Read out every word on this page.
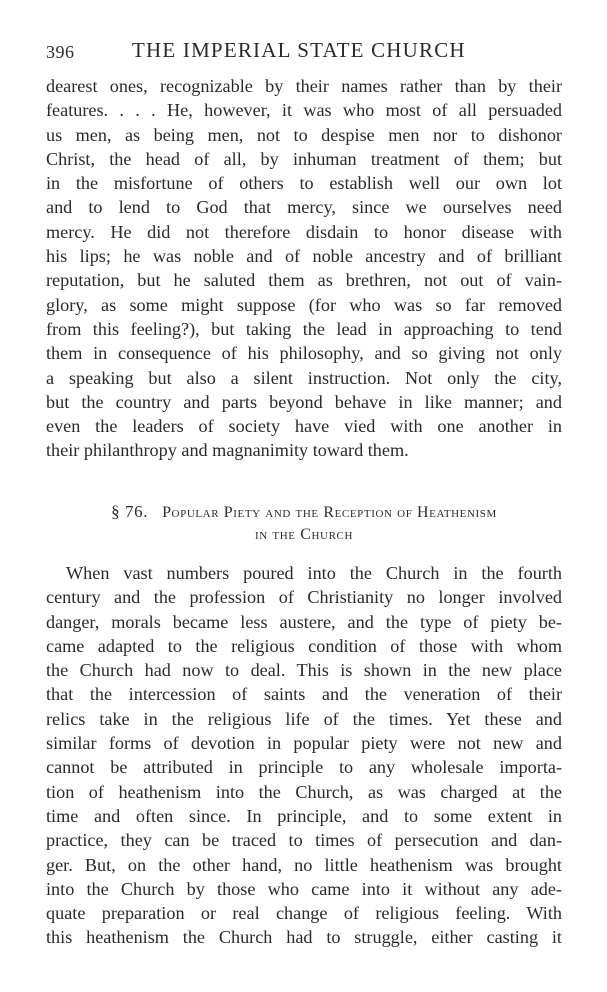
396	THE IMPERIAL STATE CHURCH
dearest ones, recognizable by their names rather than by their
features. . . . He, however, it was who most of all persuaded
us men, as being men, not to despise men nor to dishonor
Christ, the head of all, by inhuman treatment of them; but
in the misfortune of others to establish well our own lot
and to lend to God that mercy, since we ourselves need
mercy. He did not therefore disdain to honor disease with
his lips; he was noble and of noble ancestry and of brilliant
reputation, but he saluted them as brethren, not out of vain-
glory, as some might suppose (for who was so far removed
from this feeling?), but taking the lead in approaching to tend
them in consequence of his philosophy, and so giving not only
a speaking but also a silent instruction. Not only the city,
but the country and parts beyond behave in like manner; and
even the leaders of society have vied with one another in
their philanthropy and magnanimity toward them.
§ 76. Popular Piety and the Reception of Heathenism
in the Church
When vast numbers poured into the Church in the fourth
century and the profession of Christianity no longer involved
danger, morals became less austere, and the type of piety be-
came adapted to the religious condition of those with whom
the Church had now to deal. This is shown in the new place
that the intercession of saints and the veneration of their
relics take in the religious life of the times. Yet these and
similar forms of devotion in popular piety were not new and
cannot be attributed in principle to any wholesale importa-
tion of heathenism into the Church, as was charged at the
time and often since. In principle, and to some extent in
practice, they can be traced to times of persecution and dan-
ger. But, on the other hand, no little heathenism was brought
into the Church by those who came into it without any ade-
quate preparation or real change of religious feeling. With
this heathenism the Church had to struggle, either casting it
